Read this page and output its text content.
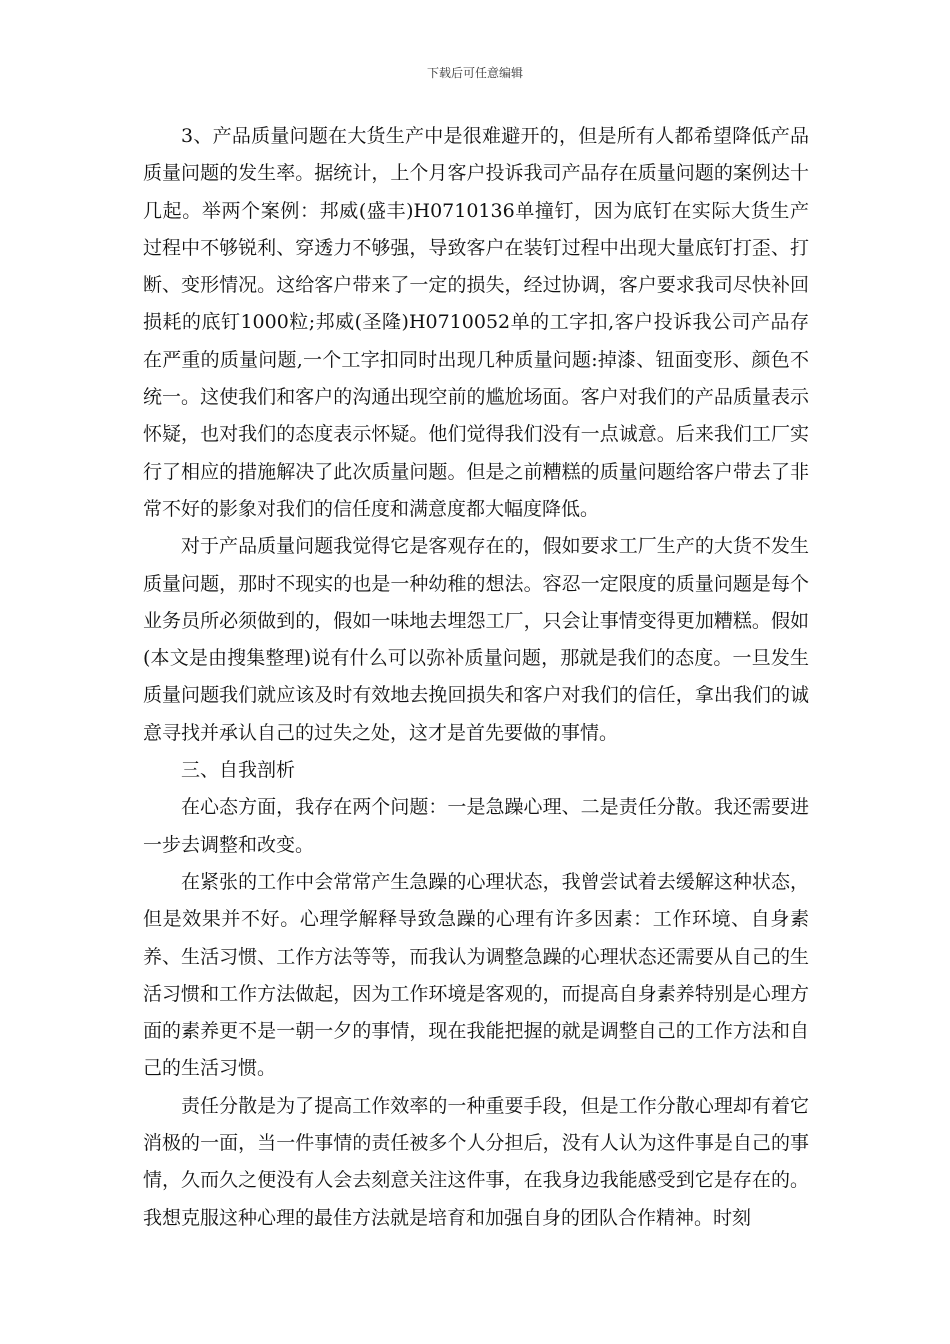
下载后可任意编辑

3、产品质量问题在大货生产中是很难避开的，但是所有人都希望降低产品质量问题的发生率。据统计，上个月客户投诉我司产品存在质量问题的案例达十几起。举两个案例：邦威(盛丰)H0710136单撞钉，因为底钉在实际大货生产过程中不够锐利、穿透力不够强，导致客户在装钉过程中出现大量底钉打歪、打断、变形情况。这给客户带来了一定的损失，经过协调，客户要求我司尽快补回损耗的底钉1000粒;邦威(圣隆)H0710052单的工字扣,客户投诉我公司产品存在严重的质量问题,一个工字扣同时出现几种质量问题:掉漆、钮面变形、颜色不统一。这使我们和客户的沟通出现空前的尴尬场面。客户对我们的产品质量表示怀疑，也对我们的态度表示怀疑。他们觉得我们没有一点诚意。后来我们工厂实行了相应的措施解决了此次质量问题。但是之前糟糕的质量问题给客户带去了非常不好的影象对我们的信任度和满意度都大幅度降低。

对于产品质量问题我觉得它是客观存在的，假如要求工厂生产的大货不发生质量问题，那时不现实的也是一种幼稚的想法。容忍一定限度的质量问题是每个业务员所必须做到的，假如一味地去埋怨工厂，只会让事情变得更加糟糕。假如(本文是由搜集整理)说有什么可以弥补质量问题，那就是我们的态度。一旦发生质量问题我们就应该及时有效地去挽回损失和客户对我们的信任，拿出我们的诚意寻找并承认自己的过失之处，这才是首先要做的事情。

三、自我剖析

在心态方面，我存在两个问题：一是急躁心理、二是责任分散。我还需要进一步去调整和改变。

在紧张的工作中会常常产生急躁的心理状态，我曾尝试着去缓解这种状态，但是效果并不好。心理学解释导致急躁的心理有许多因素：工作环境、自身素养、生活习惯、工作方法等等，而我认为调整急躁的心理状态还需要从自己的生活习惯和工作方法做起，因为工作环境是客观的，而提高自身素养特别是心理方面的素养更不是一朝一夕的事情，现在我能把握的就是调整自己的工作方法和自己的生活习惯。

责任分散是为了提高工作效率的一种重要手段，但是工作分散心理却有着它消极的一面，当一件事情的责任被多个人分担后，没有人认为这件事是自己的事情，久而久之便没有人会去刻意关注这件事，在我身边我能感受到它是存在的。我想克服这种心理的最佳方法就是培育和加强自身的团队合作精神。时刻
